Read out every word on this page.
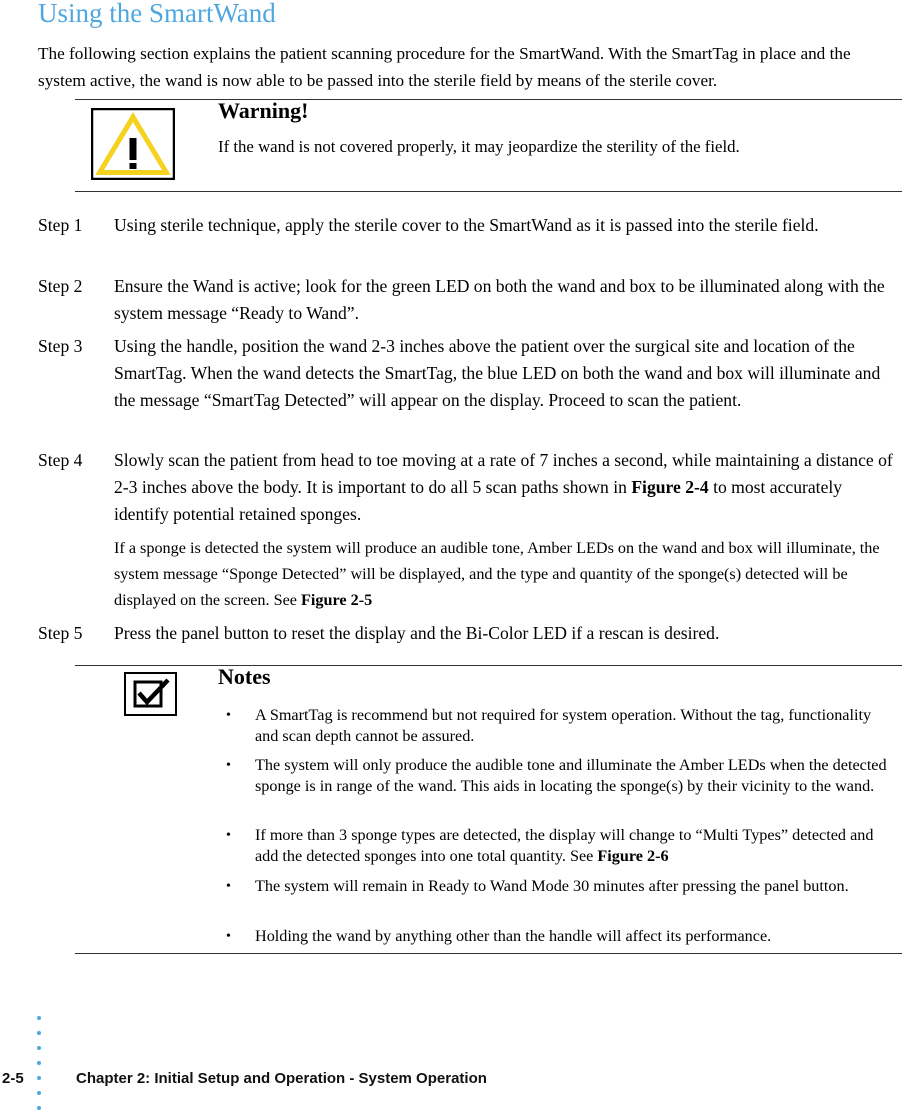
Using the SmartWand
The following section explains the patient scanning procedure for the SmartWand. With the SmartTag in place and the system active, the wand is now able to be passed into the sterile field by means of the sterile cover.
Warning!
If the wand is not covered properly, it may jeopardize the sterility of the field.
Step 1 Using sterile technique, apply the sterile cover to the SmartWand as it is passed into the sterile field.
Step 2 Ensure the Wand is active; look for the green LED on both the wand and box to be illuminated along with the system message “Ready to Wand”.
Step 3 Using the handle, position the wand 2-3 inches above the patient over the surgical site and location of the SmartTag. When the wand detects the SmartTag, the blue LED on both the wand and box will illuminate and the message “SmartTag Detected” will appear on the display. Proceed to scan the patient.
Step 4 Slowly scan the patient from head to toe moving at a rate of 7 inches a second, while maintaining a distance of 2-3 inches above the body. It is important to do all 5 scan paths shown in Figure 2-4 to most accurately identify potential retained sponges.
If a sponge is detected the system will produce an audible tone, Amber LEDs on the wand and box will illuminate, the system message “Sponge Detected” will be displayed, and the type and quantity of the sponge(s) detected will be displayed on the screen. See Figure 2-5
Step 5 Press the panel button to reset the display and the Bi-Color LED if a rescan is desired.
Notes
• A SmartTag is recommend but not required for system operation. Without the tag, functionality and scan depth cannot be assured.
• The system will only produce the audible tone and illuminate the Amber LEDs when the detected sponge is in range of the wand. This aids in locating the sponge(s) by their vicinity to the wand.
• If more than 3 sponge types are detected, the display will change to “Multi Types” detected and add the detected sponges into one total quantity. See Figure 2-6
• The system will remain in Ready to Wand Mode 30 minutes after pressing the panel button.
• Holding the wand by anything other than the handle will affect its performance.
2-5	Chapter 2: Initial Setup and Operation - System Operation
